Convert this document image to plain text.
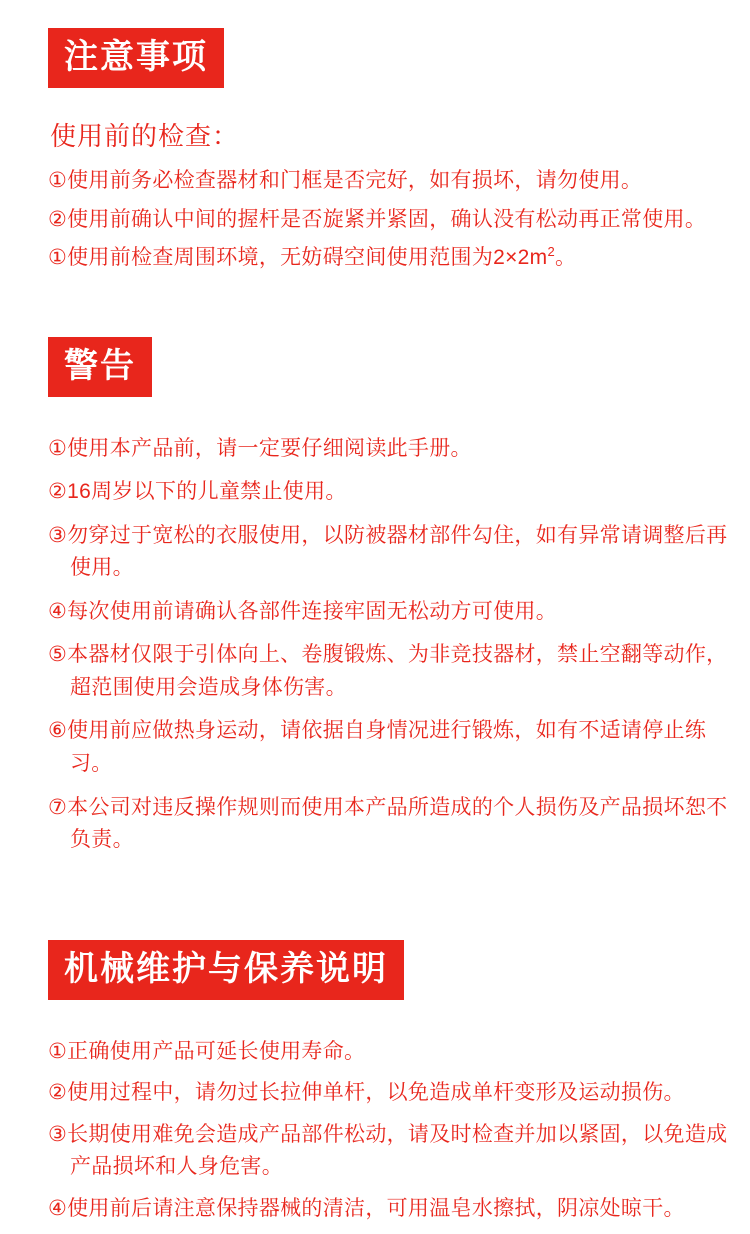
注意事项
使用前的检查：
①使用前务必检查器材和门框是否完好，如有损坏，请勿使用。
②使用前确认中间的握杆是否旋紧并紧固，确认没有松动再正常使用。
①使用前检查周围环境，无妨碍空间使用范围为$2\times 2m^2$。
警告
①使用本产品前，请一定要仔细阅读此手册。
②16周岁以下的儿童禁止使用。
③勿穿过于宽松的衣服使用，以防被器材部件勾住，如有异常请调整后再使用。
④每次使用前请确认各部件连接牢固无松动方可使用。
⑤本器材仅限于引体向上、卷腹锻炼、为非竞技器材，禁止空翻等动作，超范围使用会造成身体伤害。
⑥使用前应做热身运动，请依据自身情况进行锻炼，如有不适请停止练习。
⑦本公司对违反操作规则而使用本产品所造成的个人损伤及产品损坏恕不负责。
机械维护与保养说明
①正确使用产品可延长使用寿命。
②使用过程中，请勿过长拉伸单杆，以免造成单杆变形及运动损伤。
③长期使用难免会造成产品部件松动，请及时检查并加以紧固，以免造成产品损坏和人身危害。
④使用前后请注意保持器械的清洁，可用温皂水擦拭，阴凉处晾干。
